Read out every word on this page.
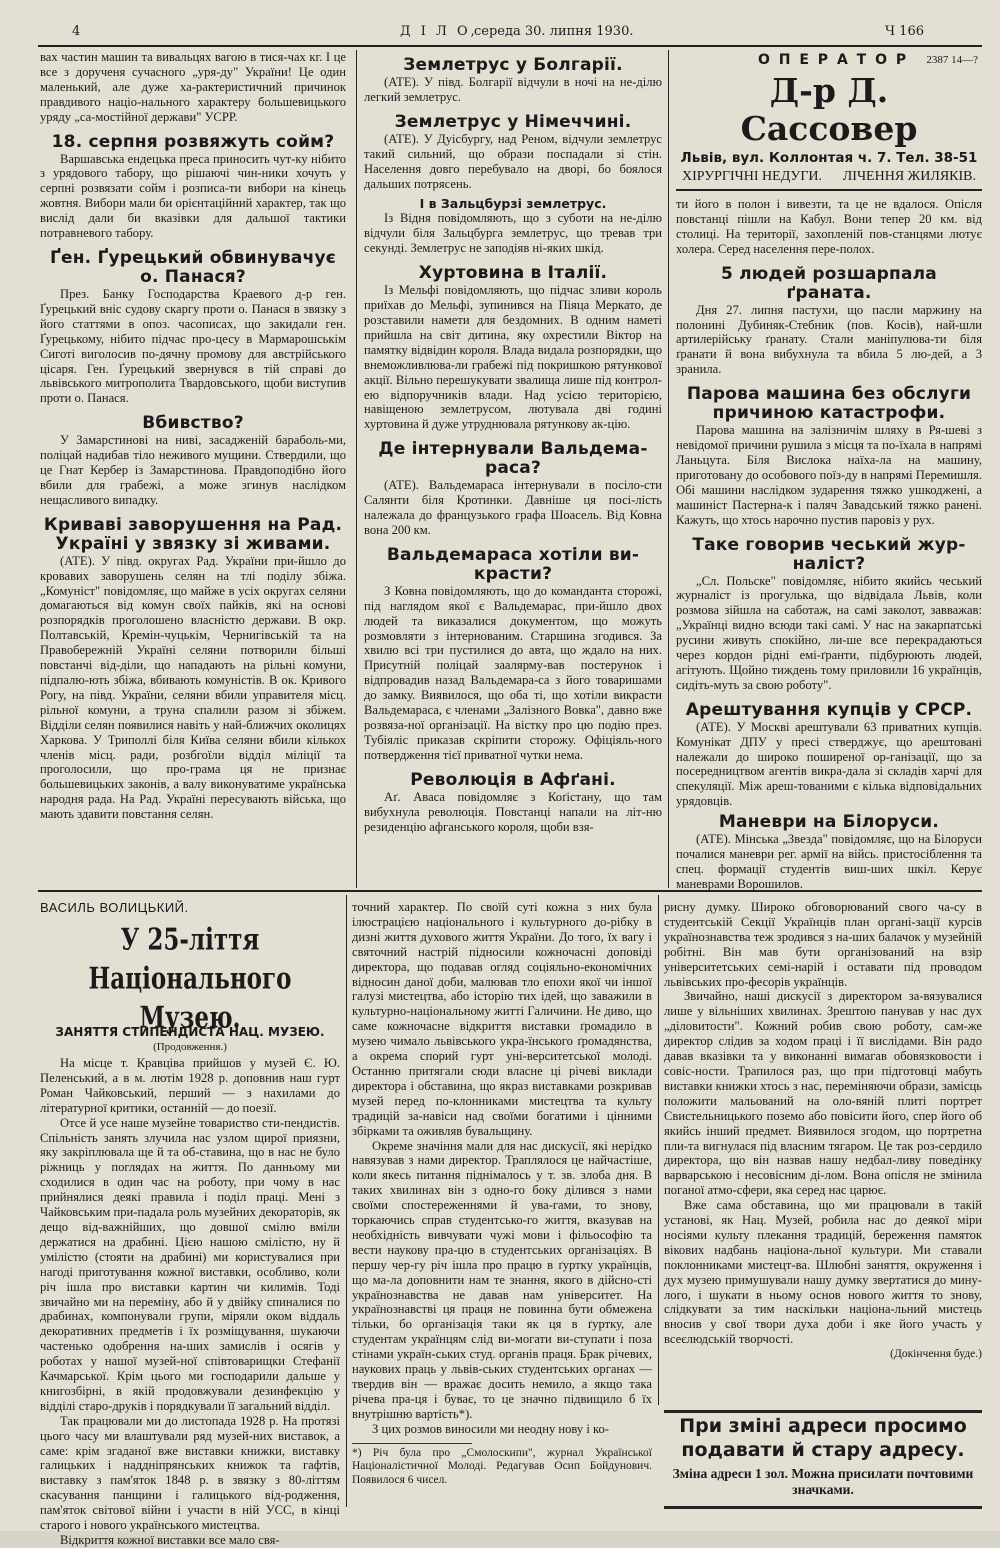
4	Д І Л О,
середа 30. липня 1930.	Ч 166

вах частин машин та вивальцях вагою в тися-чах кг. І це все з дорученя сучасного „уря-ду" України! Це один маленький, але дуже ха-рактеристичний причинок правдивого націо-нального характеру большевицького уряду „са-мостійної держави" УСРР.

18. серпня розвяжуть сойм?

Варшавська ендецька преса приносить чут-ку нібито з урядового табору, що рішаючі чин-ники хочуть у серпні розвязати сойм і розписа-ти вибори на кінець жовтня. Вибори мали би орієнтаційний характер, так що вислід дали би вказівки для дальшої тактики потравневого табору.

Ґен. Ґурецький обвинувачує о. Панася?

През. Банку Господарства Краевого д-р ген. Ґурецький вніс судову скаргу проти о. Панася в звязку з його статтями в опоз. часописах, що закидали ген. Ґурецькому, нібито підчас про-цесу в Мармарошськім Сиготі виголосив по-дячну промову для австрійського цісаря. Ген. Ґурецький звернувся в тій справі до львівського митрополита Твардовського, щоби виступив проти о. Панася.

Вбивство?

У Замарстинові на ниві, засадженій бараболь-ми, поліцай надибав тіло неживого мущини. Ствердили, що це Гнат Кербер із Замарстинова. Правдоподібно його вбили для грабежі, а може згинув наслідком нещасливого випадку.

Криваві заворушення на Рад. Україні у звязку зі живами.

(АТЕ). У півд. округах Рад. України при-йшло до кровавих заворушень селян на тлі поділу збіжа. „Комуніст" повідомляє, що майже в усіх округах селяни домагаються від комун своїх пайків, які на основі розпорядків проголошено власністю держави. В окр. Полтавській, Кремін-чуцькім, Чернигівській та на Правобережній Україні селяни потворили більші повстанчі від-діли, що нападають на рільні комуни, підпалю-ють збіжа, вбивають комуністів. В ок. Кривого Рогу, на півд. України, селяни вбили управителя місц. рільної комуни, а труна спалили разом зі збіжем. Відділи селян появилися навіть у най-ближчих околицях Харкова. У Триполлі біля Київа селяни вбили кількох членів місц. ради, розбгоїли відділ міліції та проголосили, що про-грама ця не признає большевицьких законів, а валу виконуватиме українська народня рада. На Рад. Україні пересувають війська, що мають здавити повстання селян.

Землетрус у Болгарії.

(АТЕ). У півд. Болгарії відчули в ночі на не-ділю легкий землетрус.

Землетрус у Німеччині.

(АТЕ). У Дуісбургу, над Реном, відчули землетрус такий сильний, що образи поспадали зі стін. Населення довго перебувало на дворі, бо боялося дальших потрясень.

І в Зальцбурзі землетрус.

Із Відня повідомляють, що з суботи на не-ділю відчули біля Зальцбурга землетрус, що тревав три секунді. Землетрус не заподіяв ні-яких шкід.

Хуртовина в Італії.

Із Мельфі повідомляють, що підчас зливи король приїхав до Мельфі, зупинився на Піяца Меркато, де розставили намети для бездомних. В одним наметі прийшла на світ дитина, яку охрестили Віктор на памятку відвідин короля. Влада видала розпорядки, що внеможливлюва-ли грабежі під покришкою рятункової акції. Вільно перешукувати звалища лише під контрол-ею відпоручників влади. Над усією територією, навіщеною землетрусом, лютувала дві годині хуртовина й дуже утруднювала рятункову ак-цію.

Де інтернували Вальдема-раса?

(АТЕ). Вальдемараса інтернували в посіло-сти Салянти біля Кротинки. Давніше ця посі-лість належала до французького графа Шоасель. Від Ковна вона 200 км.

Вальдемараса хотіли ви-красти?

З Ковна повідомляють, що до команданта сторожі, під наглядом якої є Вальдемарас, при-йшло двох людей та виказалися документом, що можуть розмовляти з інтернованим. Старшина згодився. За хвилю всі три пустилися до авта, що ждало на них. Присутній поліцай заалярму-вав постерунок і відпровадив назад Вальдемара-са з його товаришами до замку. Виявилося, що оба ті, що хотіли викрасти Вальдемараса, є членами „Залізного Вовка", давно вже розвяза-ної організації. На вістку про цю подію през. Тубіяліс приказав скріпити сторожу. Офіціяль-ного потвердження тієї приватної чутки нема.

Революція в Афґані.

Аґ. Аваса повідомляє з Коґістану, що там вибухнула революція. Повстанці напали на літ-ню резиденцію афганського короля, щоби взя-

О П Е Р А Т О Р 2387 14—?
Д-р Д. Сассовер
Львів, вул. Коллонтая ч. 7. Тел. 38-51
ХІРУРГІЧНІ НЕДУГИ. ЛІЧЕННЯ ЖИЛЯКІВ.

ти його в полон і вивезти, та це не вдалося. Опісля повстанці пішли на Кабул. Вони тепер 20 км. від столиці. На території, захопленій пов-станцями лютує холера. Серед населення пере-полох.

5 людей розшарпала ґраната.

Дня 27. липня пастухи, що пасли маржину на полонині Дубиняк-Стебник (пов. Косів), най-шли артилерійську ґранату. Стали маніпулюва-ти біля ґранати й вона вибухнула та вбила 5 лю-дей, а 3 зранила.

Парова машина без обслуги причиною катастрофи.

Парова машина на залізничім шляху в Ря-шеві з невідомої причини рушила з місця та по-їхала в напрямі Ланьцута. Біля Вислока наїха-ла на машину, приготовану до особового поїз-ду в напрямі Перемишля. Обі машини наслідком зударення тяжко ушкоджені, а машиніст Пастерна-к і паляч Завадський тяжко ранені. Кажуть, що хтось нарочно пустив паровіз у рух.

Таке говорив чеський жур-наліст?

„Сл. Польске" повідомляє, нібито якийсь чеський журналіст із прогулька, що відвідала Львів, коли розмова зійшла на саботаж, на самі заколот, завважав: „Українці видно всюди такі самі. У нас на закарпатські русини живуть спокійно, ли-ше все перекрадаються через кордон рідні емі-ґранти, підбурюють людей, агітують. Щойно тиждень тому приловили 16 українців, сидіть-муть за свою роботу".

Арештування купців у СРСР.

(АТЕ). У Москві арештували 63 приватних купців. Комунікат ДПУ у пресі стверджує, що арештовані належали до широко поширеної ор-ганізації, що за посередництвом агентів викра-дала зі складів харчі для спекуляції. Між ареш-тованими є кілька відповідальних урядовців.

Маневри на Білоруси.

(АТЕ). Мінська „Звезда" повідомляє, що на Білоруси почалися маневри рег. армії на війсь. пристосіблення та спец. формації студентів виш-ших шкіл. Керує маневрами Ворошилов.

ВАСИЛЬ ВОЛИЦЬКИЙ.
У 25-ліття Національного Музею.
ЗАНЯТТЯ СТИПЕНДИСТА НАЦ. МУЗЕЮ.
(Продовження.)

На місце т. Кравціва прийшов у музей Є. Ю. Пеленський, а в м. лютім 1928 р. доповнив наш гурт Роман Чайковський, перший — з нахилами до літературної критики, останній — до поезії.

Отсе й усе наше музейне товариство сти-пендистів. Спільність занять злучила нас узлом щирої приязни, яку закріплювала ще й та об-ставина, що в нас не було ріжниць у поглядах на життя. По данньому ми сходилися в один час на роботу, при чому в нас прийнялися деякі правила і поділ праці. Мені з Чайковським при-падала роль музейних декораторів, як дещо від-важнійших, що довшої смілю вміли держатися на драбині. Цією нашою смілістю, ну й умілістю (стояти на драбині) ми користувалися при нагоді приготування кожної виставки, особливо, коли річ ішла про виставки картин чи килимів. Тоді звичайно ми на переміну, або й у двійку спиналися по драбинах, компонували групи, міряли оком віддаль декоративних предметів і їх розміщування, шукаючи частенько одобрення на-ших замислів і осягів у роботах у нашої музей-ної співтоварищки Стефанії Качмарської. Крім цього ми господарили дальше у книгозбірні, в якій продовжували дезинфекцію у відділі старо-друків і порядкували її загальний відділ.

Так працювали ми до листопада 1928 р. На протязі цього часу ми влаштували ряд музей-них виставок, а саме: крім згаданої вже виставки книжки, виставку галицьких і наддніпрянських книжок та гафтів, виставку з пам'яток 1848 р. в звязку з 80-літтям скасування панщини і галицького від-родження, пам'яток світової війни і участи в ній УСС, в кінці старого і нового українського мистецтва.

Відкриття кожної виставки все мало свя-

точний характер. По своїй суті кожна з них була ілюстрацією національного і культурного до-рібку в дизні життя духового життя України. До того, їх вагу і святочний настрій підносили кожночасні доповіді директора, що подавав огляд соціяльно-економічних відносин даної доби, малював тло епохи якої чи іншої галузі мистецтва, або історію тих ідей, що заважили в культурно-національному житті Галичини. Не диво, що саме кожночасне відкриття виставки ґромадило в музею чимало львівського укра-їнського ґромадянства, а окрема спорий гурт уні-верситетської молоді. Останню притягали сюди власне ці річеві виклади директора і обставина, що якраз виставками розкривав музей перед по-клонниками мистецтва та культу традицій за-навіси над своїми богатими і цінними збірками та оживляв бувальщину.

Окреме значіння мали для нас дискусії, які нерідко навязував з нами директор. Траплялося це найчастіше, коли якесь питання піднімалось у т. зв. злоба дня. В таких хвилинах він з одно-го боку ділився з нами своїми спостереженнями й ува-гами, то знову, торкаючись справ студентсько-го життя, вказував на необхідність вивчувати чужі мови і фільософію та вести наукову пра-цю в студентських організаціях. В першу чер-гу річ ішла про працю в ґуртку українців, що ма-ла доповнити нам те знання, якого в дійсно-сті українознавства не давав нам університет. На українознавстві ця праця не повинна бути обмежена тільки, бо організація таки як ця в ґуртку, але студентам українцям слід ви-могати ви-ступати і поза стінами україн-ських студ. органів праця. Брак річевих, наукових праць у львів-ських студентських органах — твердив він — вражає досить немило, а якщо така річева пра-ця і буває, то це значно підвищило б їх внутрішню вартість*).

З цих розмов виносили ми неодну нову і ко-

*) Річ була про „Смолоскипи", журнал Української Націоналістичної Молоді. Редагував Осип Бойдунович. Появилося 6 чисел.

рисну думку. Широко обговорюваний свого ча-су в студентській Секції Українців план органі-зації курсів українознавства теж зродився з на-ших балачок у музейній робітні. Він мав бути організований на взір університетських семі-нарій і оставати під проводом львівських про-фесорів українців.

Звичайно, наші дискусії з директором за-вязувалися лише у вільніших хвилинах. Зрештою панував у нас дух „діловитости". Кожний робив свою роботу, сам-же директор слідив за ходом праці і її вислідами. Він радо давав вказівки та у виконанні вимагав обовязковости і совіс-ности. Трапилося раз, що при підготовці мабуть виставки книжки хтось з нас, переміняючи образи, замісць положити мальований на оло-вяній плиті портрет Свистельницького поземо або повісити його, спер його об якийсь інший предмет. Виявилося згодом, що портретна пли-та вигнулася під власним тягаром. Це так роз-сердило директора, що він назвав нашу недбал-ливу поведінку варварською і несовісним ді-лом. Вона опісля не змінила поганої атмо-сфери, яка серед нас царює.

Вже сама обставина, що ми працювали в такій установі, як Нац. Музей, робила нас до деякої міри носіями культу плекання традицій, береження памяток вікових надбань націона-льної культури. Ми ставали поклонниками мистецт-ва. Шлюбні заняття, окруження і дух музею примушували нашу думку звертатися до мину-лого, і шукати в ньому основ нового життя то знову, слідкувати за тим наскільки націона-льний мистець вносив у свої твори духа доби і яке його участь у всеєлюдській творчості.

(Докінчення буде.)

При зміні адреси просимо
подавати й стару адресу.
Зміна адреси 1 зол. Можна присилати почтовими значками.
